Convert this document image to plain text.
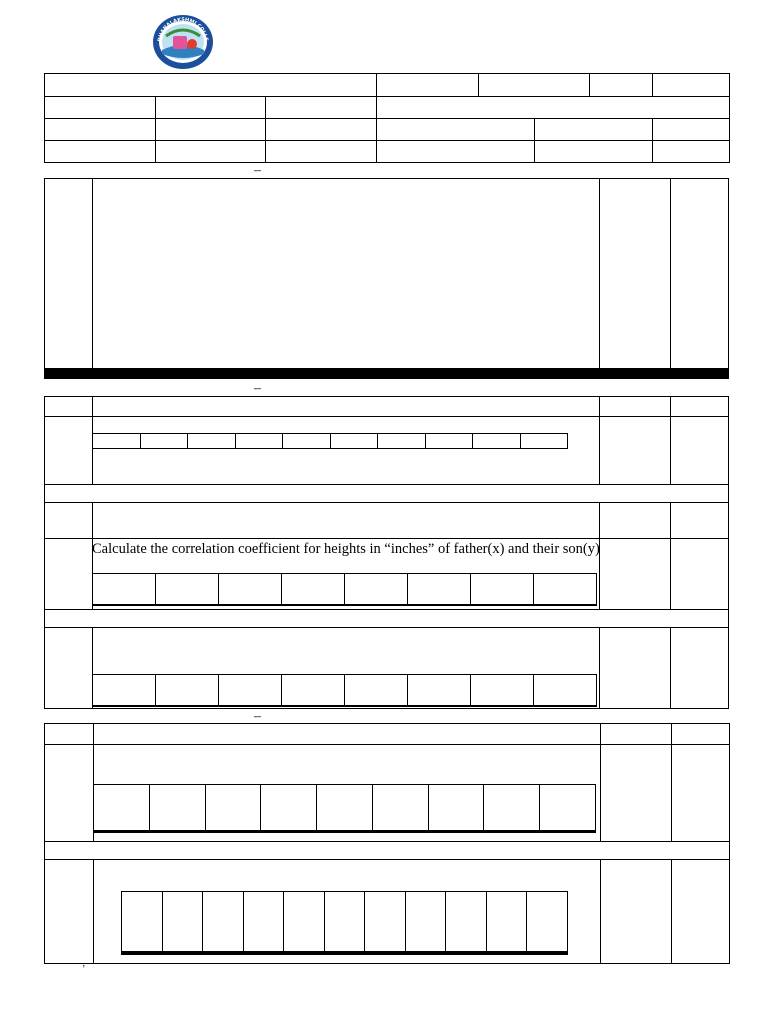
DHANALAKSHMI COLLE

–

–

Calculate the correlation coefficient for heights in “inches” of father(x) and their son(y)

–

’
